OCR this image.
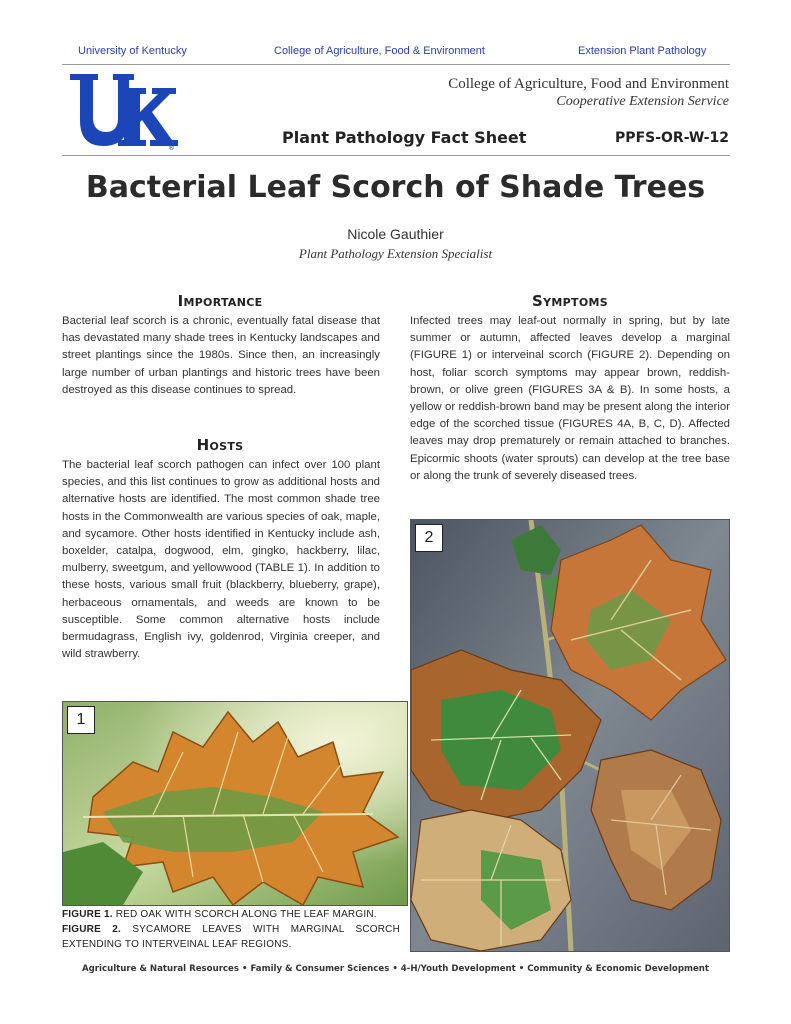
University of Kentucky	College of Agriculture, Food & Environment	Extension Plant Pathology
®
College of Agriculture, Food and Environment
Cooperative Extension Service
Plant Pathology Fact Sheet	PPFS-OR-W-12
Bacterial Leaf Scorch of Shade Trees
Nicole Gauthier
Plant Pathology Extension Specialist
Importance
Bacterial leaf scorch is a chronic, eventually fatal disease that has devastated many shade trees in Kentucky landscapes and street plantings since the 1980s. Since then, an increasingly large number of urban plantings and historic trees have been destroyed as this disease continues to spread.
Hosts
The bacterial leaf scorch pathogen can infect over 100 plant species, and this list continues to grow as additional hosts and alternative hosts are identified. The most common shade tree hosts in the Commonwealth are various species of oak, maple, and sycamore. Other hosts identified in Kentucky include ash, boxelder, catalpa, dogwood, elm, gingko, hackberry, lilac, mulberry, sweetgum, and yellowwood (TABLE 1). In addition to these hosts, various small fruit (blackberry, blueberry, grape), herbaceous ornamentals, and weeds are known to be susceptible. Some common alternative hosts include bermudagrass, English ivy, goldenrod, Virginia creeper, and wild strawberry.
Symptoms
Infected trees may leaf-out normally in spring, but by late summer or autumn, affected leaves develop a marginal (FIGURE 1) or interveinal scorch (FIGURE 2). Depending on host, foliar scorch symptoms may appear brown, reddish-brown, or olive green (FIGURES 3A & B). In some hosts, a yellow or reddish-brown band may be present along the interior edge of the scorched tissue (FIGURES 4A, B, C, D). Affected leaves may drop prematurely or remain attached to branches. Epicormic shoots (water sprouts) can develop at the tree base or along the trunk of severely diseased trees.
1
2
FIGURE 1. RED OAK WITH SCORCH ALONG THE LEAF MARGIN.
FIGURE 2. SYCAMORE LEAVES WITH MARGINAL SCORCH EXTENDING TO INTERVEINAL LEAF REGIONS.
Agriculture & Natural Resources • Family & Consumer Sciences • 4-H/Youth Development • Community & Economic Development
